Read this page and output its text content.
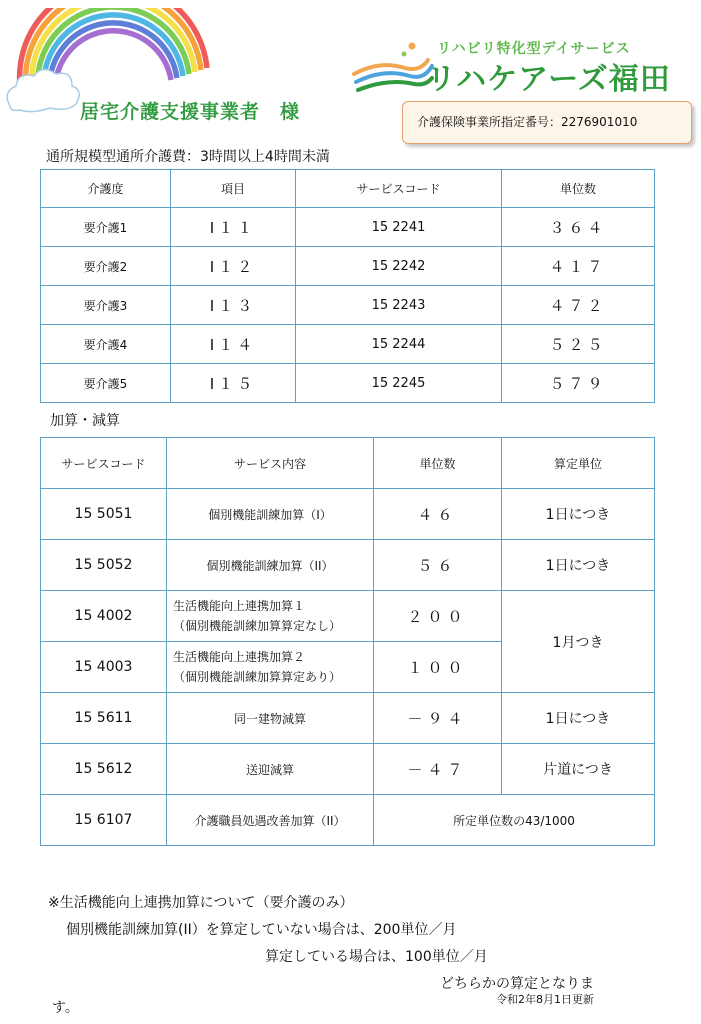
居宅介護支援事業者　様
リハビリ特化型デイサービス
リハケアーズ福田
介護保険事業所指定番号：2276901010
通所規模型通所介護費：3時間以上4時間未満
介護度	項目	サービスコード	単位数
要介護1	I１１	15 2241	３６４
要介護2	I１２	15 2242	４１７
要介護3	I１３	15 2243	４７２
要介護4	I１４	15 2244	５２５
要介護5	I１５	15 2245	５７９
加算・減算
サービスコード	サービス内容	単位数	算定単位
15 5051	個別機能訓練加算（I）	４６	1日につき
15 5052	個別機能訓練加算（II）	５６	1日につき
15 4002	生活機能向上連携加算１
（個別機能訓練加算算定なし）	２００	1月つき
15 4003	生活機能向上連携加算２
（個別機能訓練加算算定あり）	１００	
15 5611	同一建物減算	－９４	1日につき
15 5612	送迎減算	－４７	片道につき
15 6107	介護職員処遇改善加算（II）	所定単位数の43/1000	
※生活機能向上連携加算について（要介護のみ）
個別機能訓練加算(II）を算定していない場合は、200単位／月
算定している場合は、100単位／月
どちらかの算定となりま
す。
令和2年8月1日更新
